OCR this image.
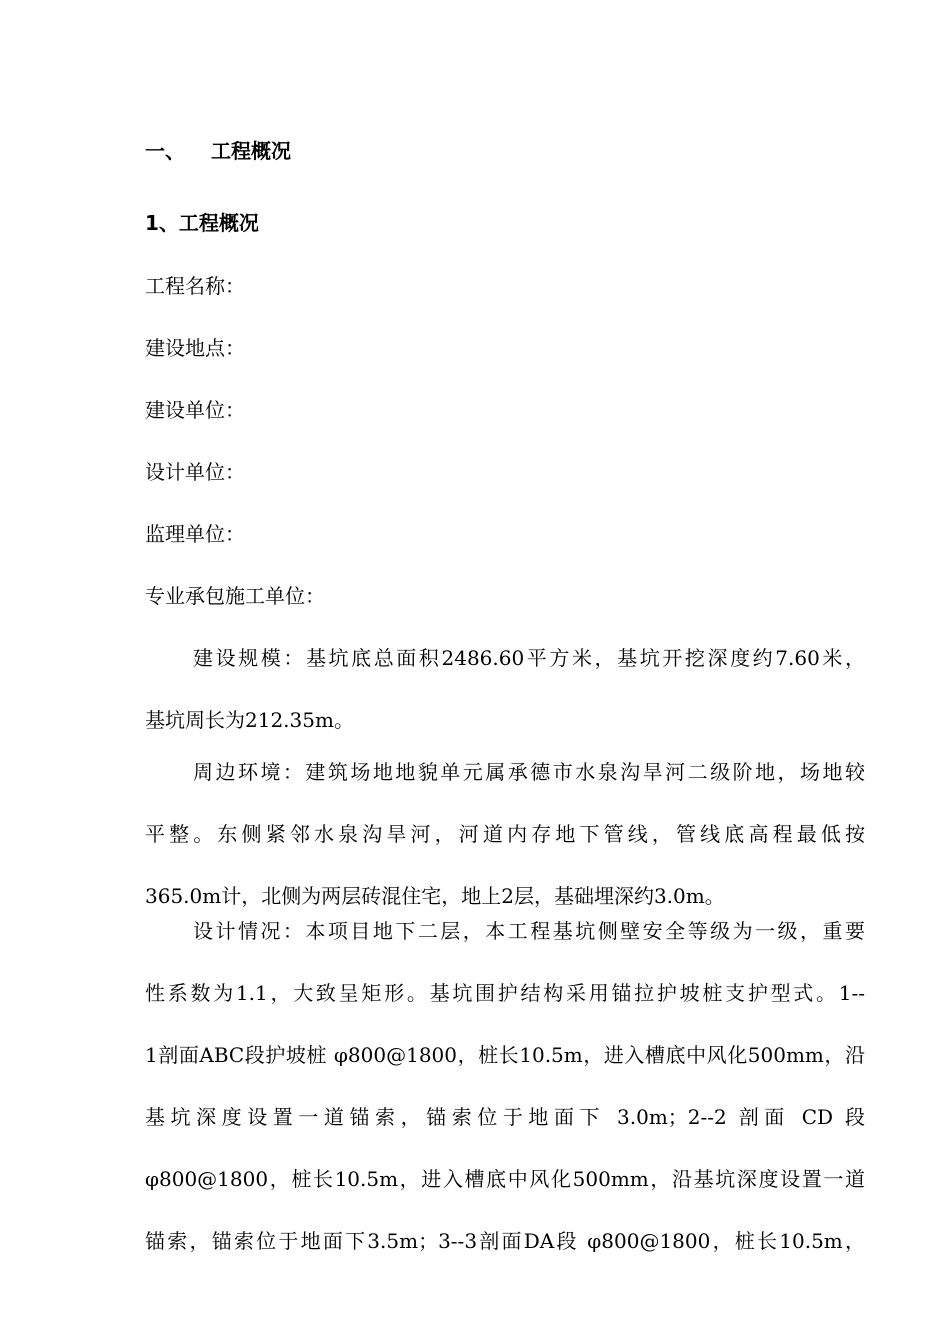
一、 工程概况
1、工程概况
工程名称：
建设地点：
建设单位：
设计单位：
监理单位：
专业承包施工单位：
建设规模：基坑底总面积2486.60平方米，基坑开挖深度约7.60米，
基坑周长为212.35m。
周边环境：建筑场地地貌单元属承德市水泉沟旱河二级阶地，场地较
平整。东侧紧邻水泉沟旱河，河道内存地下管线，管线底高程最低按
365.0m计，北侧为两层砖混住宅，地上2层，基础埋深约3.0m。
设计情况：本项目地下二层，本工程基坑侧壁安全等级为一级，重要
性系数为1.1，大致呈矩形。基坑围护结构采用锚拉护坡桩支护型式。1--
1剖面ABC段护坡桩 φ800@1800，桩长10.5m，进入槽底中风化500mm，沿
基坑深度设置一道锚索，锚索位于地面下 3.0m；2--2 剖面 CD 段
φ800@1800，桩长10.5m，进入槽底中风化500mm，沿基坑深度设置一道
锚索，锚索位于地面下3.5m；3--3剖面DA段 φ800@1800，桩长10.5m，
